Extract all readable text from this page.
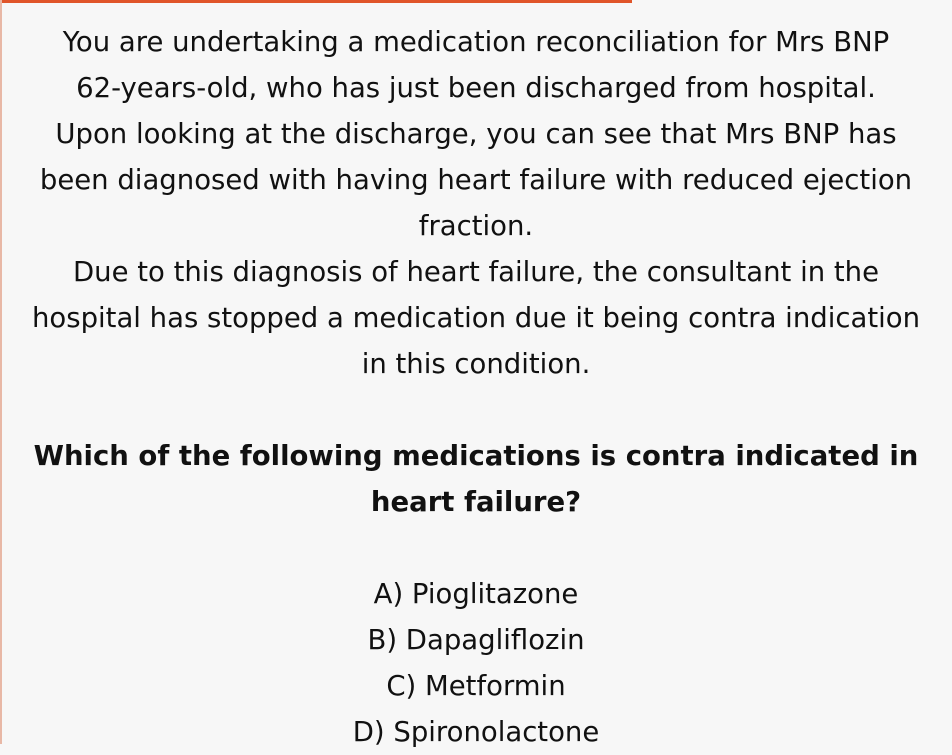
You are undertaking a medication reconciliation for Mrs BNP
62-years-old, who has just been discharged from hospital.
Upon looking at the discharge, you can see that Mrs BNP has
been diagnosed with having heart failure with reduced ejection
fraction.
Due to this diagnosis of heart failure, the consultant in the
hospital has stopped a medication due it being contra indication
in this condition.
Which of the following medications is contra indicated in
heart failure?
A) Pioglitazone
B) Dapagliflozin
C) Metformin
D) Spironolactone
